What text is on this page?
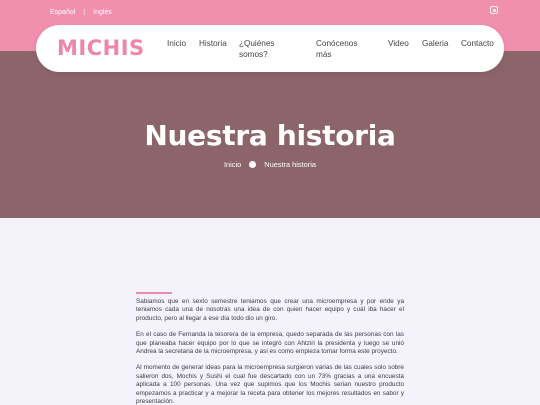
Español | Inglés
Nuestra historia
Inicio	Nuestra historia
MICHIS	Inicio Historia ¿Quiénes somos?
Conócenos más
Video Galeria Contacto

Sabiamos que en sexto semestre teniamos que crear una microempresa y por ende ya teniamos cada una de nosotras una idea de con quien hacer equipo y cuál iba hacer el producto, pero al llegar a ese día todo dio un giro.

En el caso de Fernanda la tesorera de la empresa, quedo separada de las personas con las que planeaba hacer equipo por lo que se integró con Ahtziri la presidenta y luego se unió Andrea la secretaria de la microempresa, y asi es como empieza tomar forma este proyecto.

Al momento de generar ideas para la microempresa surgieron varias de las cuales solo sobre salieron dos, Mochis y Sushi el cual fue descartado con un 73% gracias a una encuesta aplicada a 100 personas. Una vez que supimos que los Mochis serian nuestro producto empezamos a practicar y a mejorar la receta para obtener los mejores resultados en sabor y presentación.
